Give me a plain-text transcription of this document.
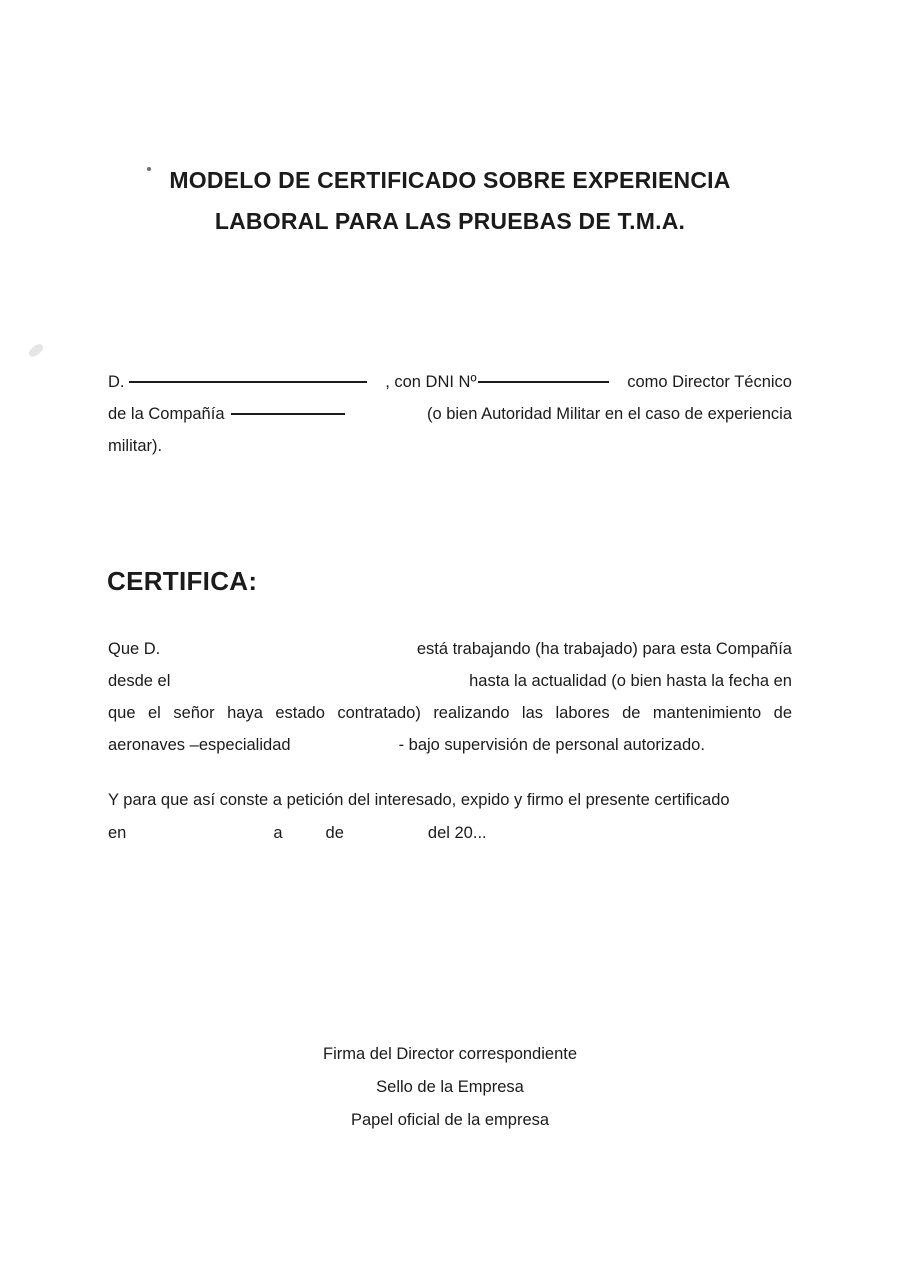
MODELO DE CERTIFICADO SOBRE EXPERIENCIA
LABORAL PARA LAS PRUEBAS DE T.M.A.
D.	, con DNI Nº	como Director Técnico
de la Compañía	(o bien Autoridad Militar en el caso de experiencia
militar).
CERTIFICA:
Que D.	está trabajando (ha trabajado) para esta Compañía
desde el	hasta la actualidad (o bien hasta la fecha en
que el señor haya estado contratado) realizando las labores de mantenimiento de
aeronaves –especialidad	- bajo supervisión de personal autorizado.
Y para que así conste a petición del interesado, expido y firmo el presente certificado
en	a	de	del 20...
Firma del Director correspondiente
Sello de la Empresa
Papel oficial de la empresa
